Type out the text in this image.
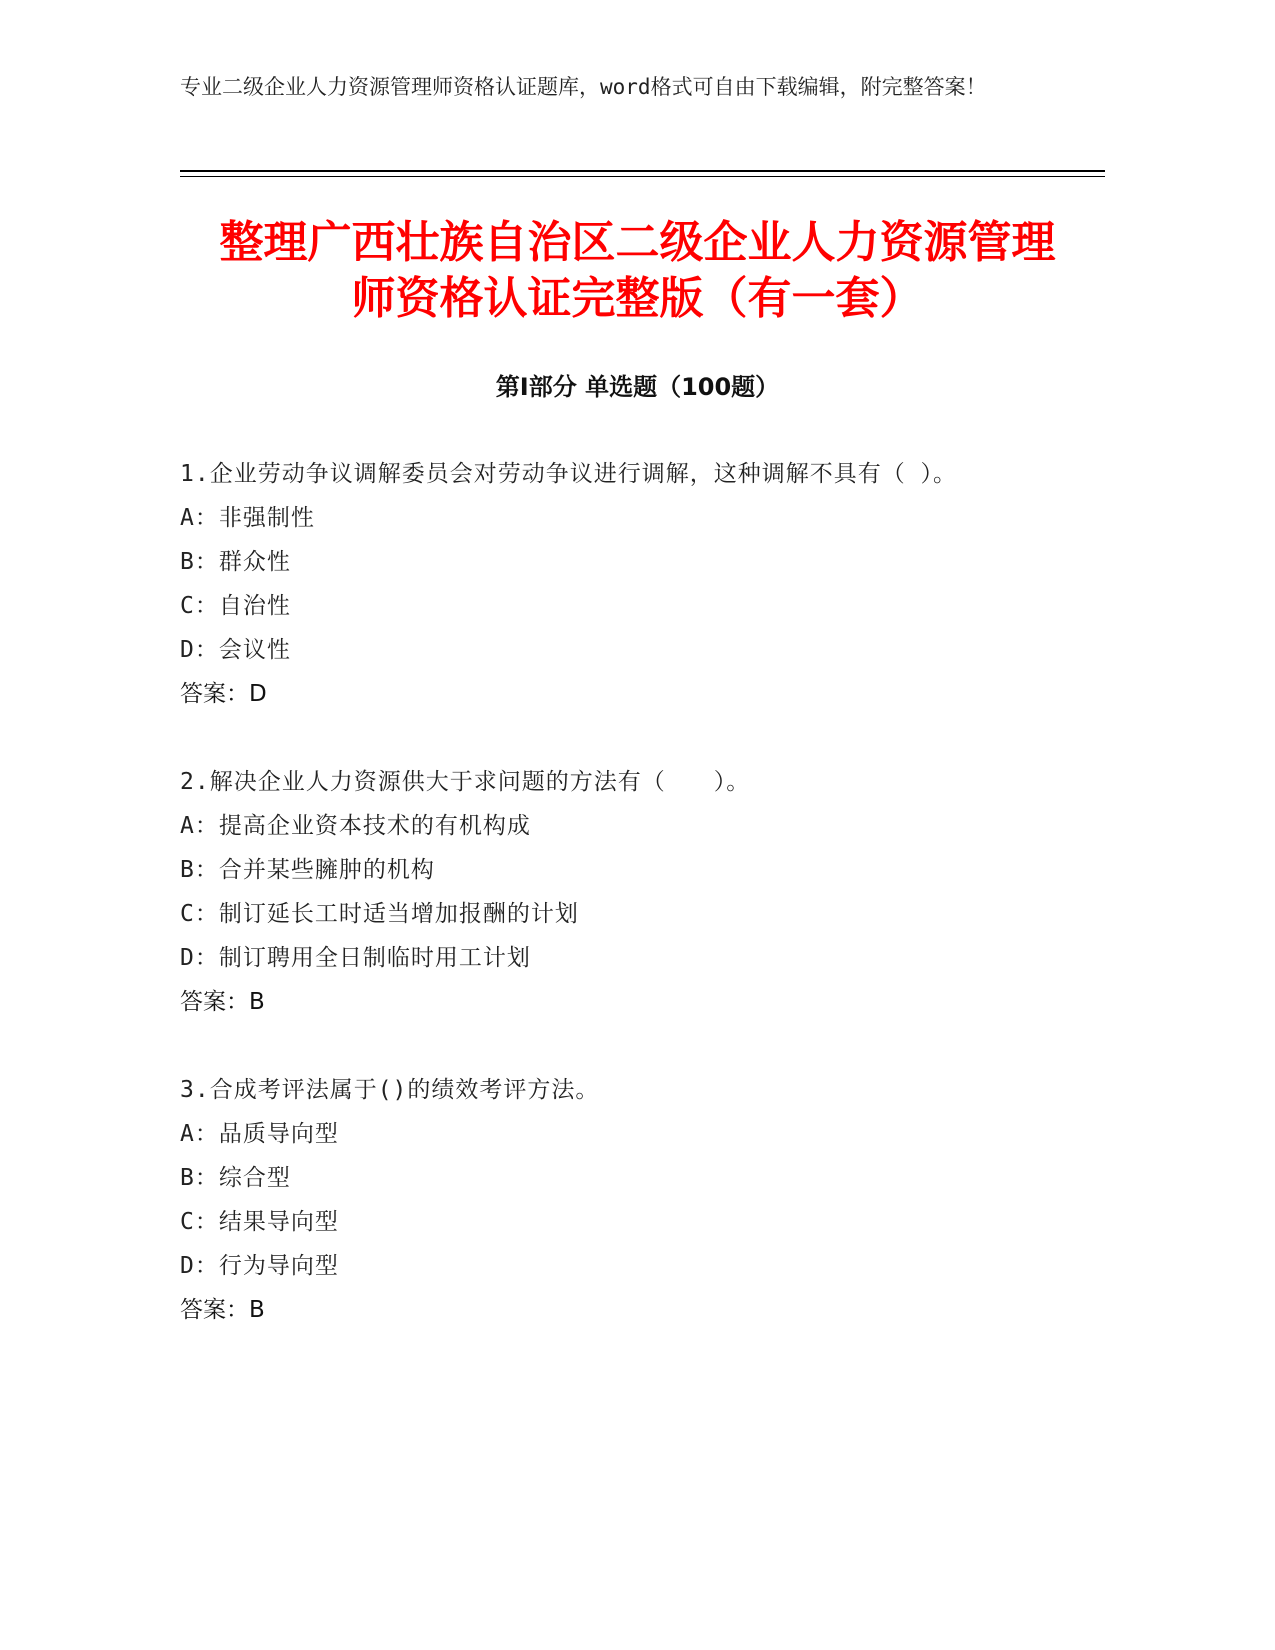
专业二级企业人力资源管理师资格认证题库，word格式可自由下载编辑，附完整答案！
整理广西壮族自治区二级企业人力资源管理
师资格认证完整版（有一套）
第Ⅰ部分 单选题（100题）
1.企业劳动争议调解委员会对劳动争议进行调解，这种调解不具有（ ）。
A：非强制性
B：群众性
C：自治性
D：会议性
答案：D
2.解决企业人力资源供大于求问题的方法有（　　）。
A：提高企业资本技术的有机构成
B：合并某些臃肿的机构
C：制订延长工时适当增加报酬的计划
D：制订聘用全日制临时用工计划
答案：B
3.合成考评法属于()的绩效考评方法。
A：品质导向型
B：综合型
C：结果导向型
D：行为导向型
答案：B
